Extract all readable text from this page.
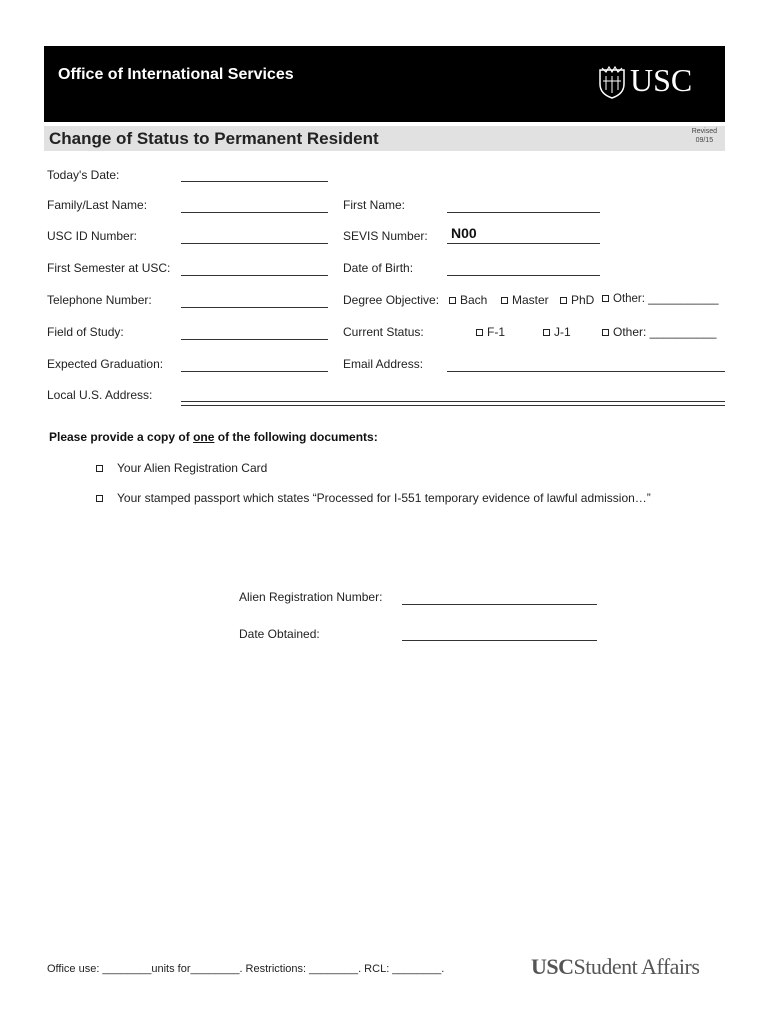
Office of International Services	USC
Change of Status to Permanent Resident	Revised
09/15
Today's Date:
Family/Last Name:	First Name:
USC ID Number:	SEVIS Number: N00
First Semester at USC:	Date of Birth:
Telephone Number:	Degree Objective:	Bach	Master	PhD	Other: ___________
Field of Study:	Current Status:	F-1	J-1	Other: __________
Expected Graduation:	Email Address:
Local U.S. Address:
Please provide a copy of one of the following documents:
Your Alien Registration Card
Your stamped passport which states “Processed for I-551 temporary evidence of lawful admission…”
Alien Registration Number:
Date Obtained:
Office use: ________units for________. Restrictions: ________. RCL: ________.	USCStudent Affairs
